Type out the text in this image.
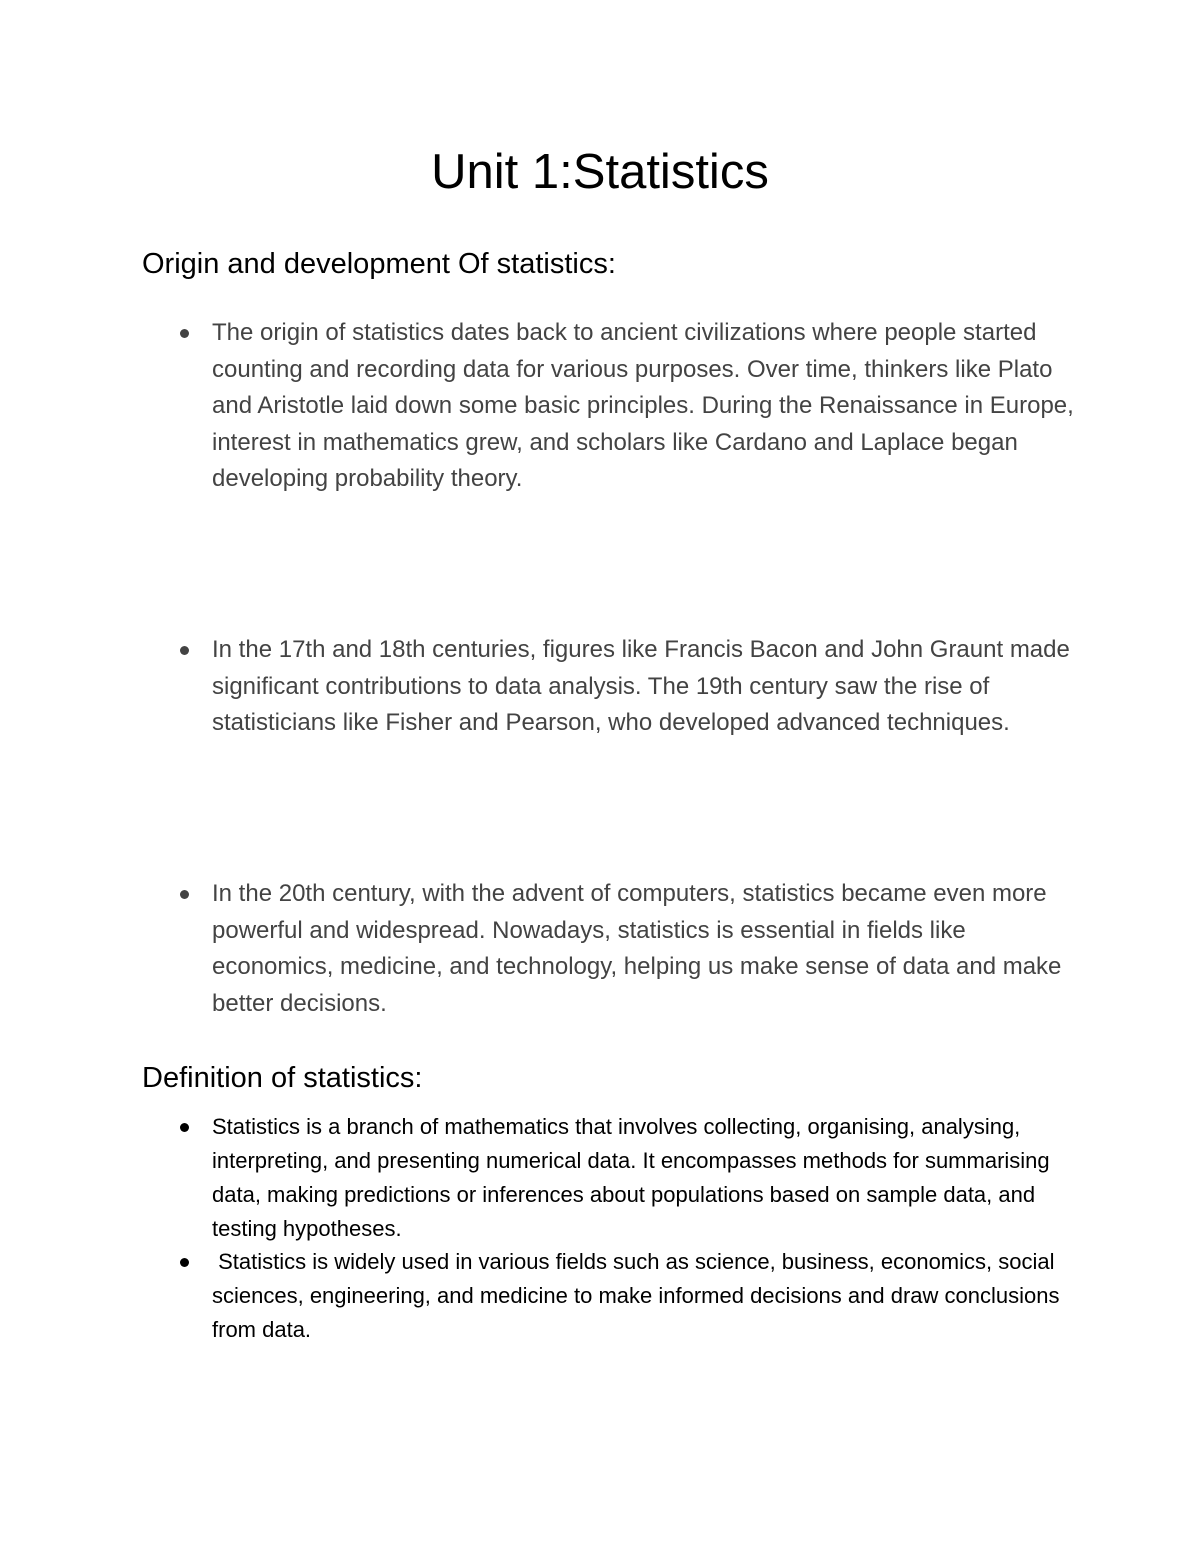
Unit 1:Statistics
Origin and development Of statistics:

The origin of statistics dates back to ancient civilizations where people started counting and recording data for various purposes. Over time, thinkers like Plato and Aristotle laid down some basic principles. During the Renaissance in Europe, interest in mathematics grew, and scholars like Cardano and Laplace began developing probability theory.

In the 17th and 18th centuries, figures like Francis Bacon and John Graunt made significant contributions to data analysis. The 19th century saw the rise of statisticians like Fisher and Pearson, who developed advanced techniques.

In the 20th century, with the advent of computers, statistics became even more powerful and widespread. Nowadays, statistics is essential in fields like economics, medicine, and technology, helping us make sense of data and make better decisions.

Definition of statistics:

Statistics is a branch of mathematics that involves collecting, organising, analysing, interpreting, and presenting numerical data. It encompasses methods for summarising data, making predictions or inferences about populations based on sample data, and testing hypotheses.

Statistics is widely used in various fields such as science, business, economics, social sciences, engineering, and medicine to make informed decisions and draw conclusions from data.
